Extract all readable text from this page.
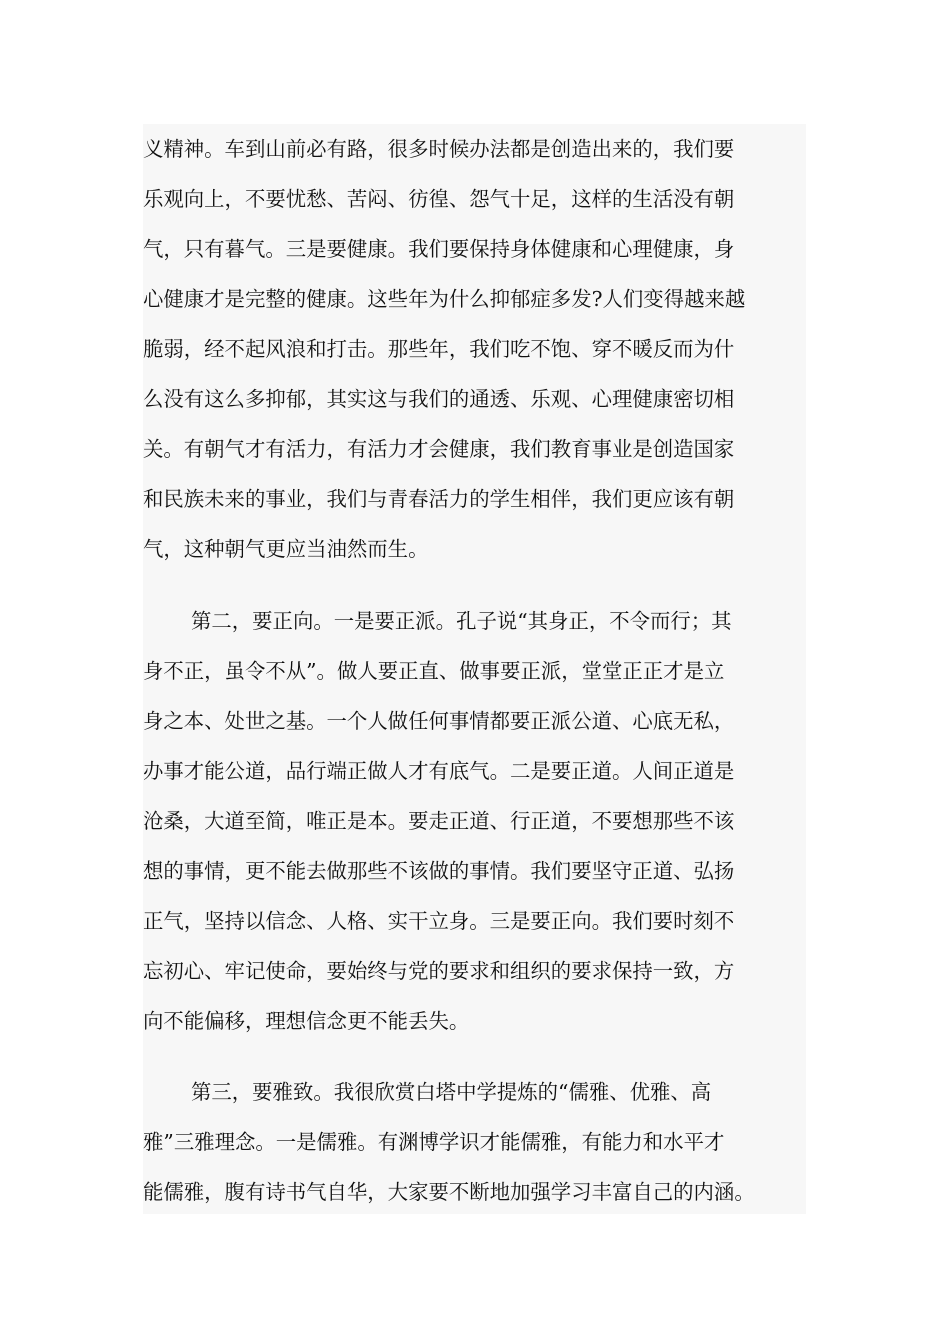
义精神。车到山前必有路，很多时候办法都是创造出来的，我们要
乐观向上，不要忧愁、苦闷、彷徨、怨气十足，这样的生活没有朝
气，只有暮气。三是要健康。我们要保持身体健康和心理健康，身
心健康才是完整的健康。这些年为什么抑郁症多发?人们变得越来越
脆弱，经不起风浪和打击。那些年，我们吃不饱、穿不暖反而为什
么没有这么多抑郁，其实这与我们的通透、乐观、心理健康密切相
关。有朝气才有活力，有活力才会健康，我们教育事业是创造国家
和民族未来的事业，我们与青春活力的学生相伴，我们更应该有朝
气，这种朝气更应当油然而生。
第二，要正向。一是要正派。孔子说“其身正，不令而行；其
身不正，虽令不从”。做人要正直、做事要正派，堂堂正正才是立
身之本、处世之基。一个人做任何事情都要正派公道、心底无私，
办事才能公道，品行端正做人才有底气。二是要正道。人间正道是
沧桑，大道至简，唯正是本。要走正道、行正道，不要想那些不该
想的事情，更不能去做那些不该做的事情。我们要坚守正道、弘扬
正气，坚持以信念、人格、实干立身。三是要正向。我们要时刻不
忘初心、牢记使命，要始终与党的要求和组织的要求保持一致，方
向不能偏移，理想信念更不能丢失。
第三，要雅致。我很欣赏白塔中学提炼的“儒雅、优雅、高
雅”三雅理念。一是儒雅。有渊博学识才能儒雅，有能力和水平才
能儒雅，腹有诗书气自华，大家要不断地加强学习丰富自己的内涵。
